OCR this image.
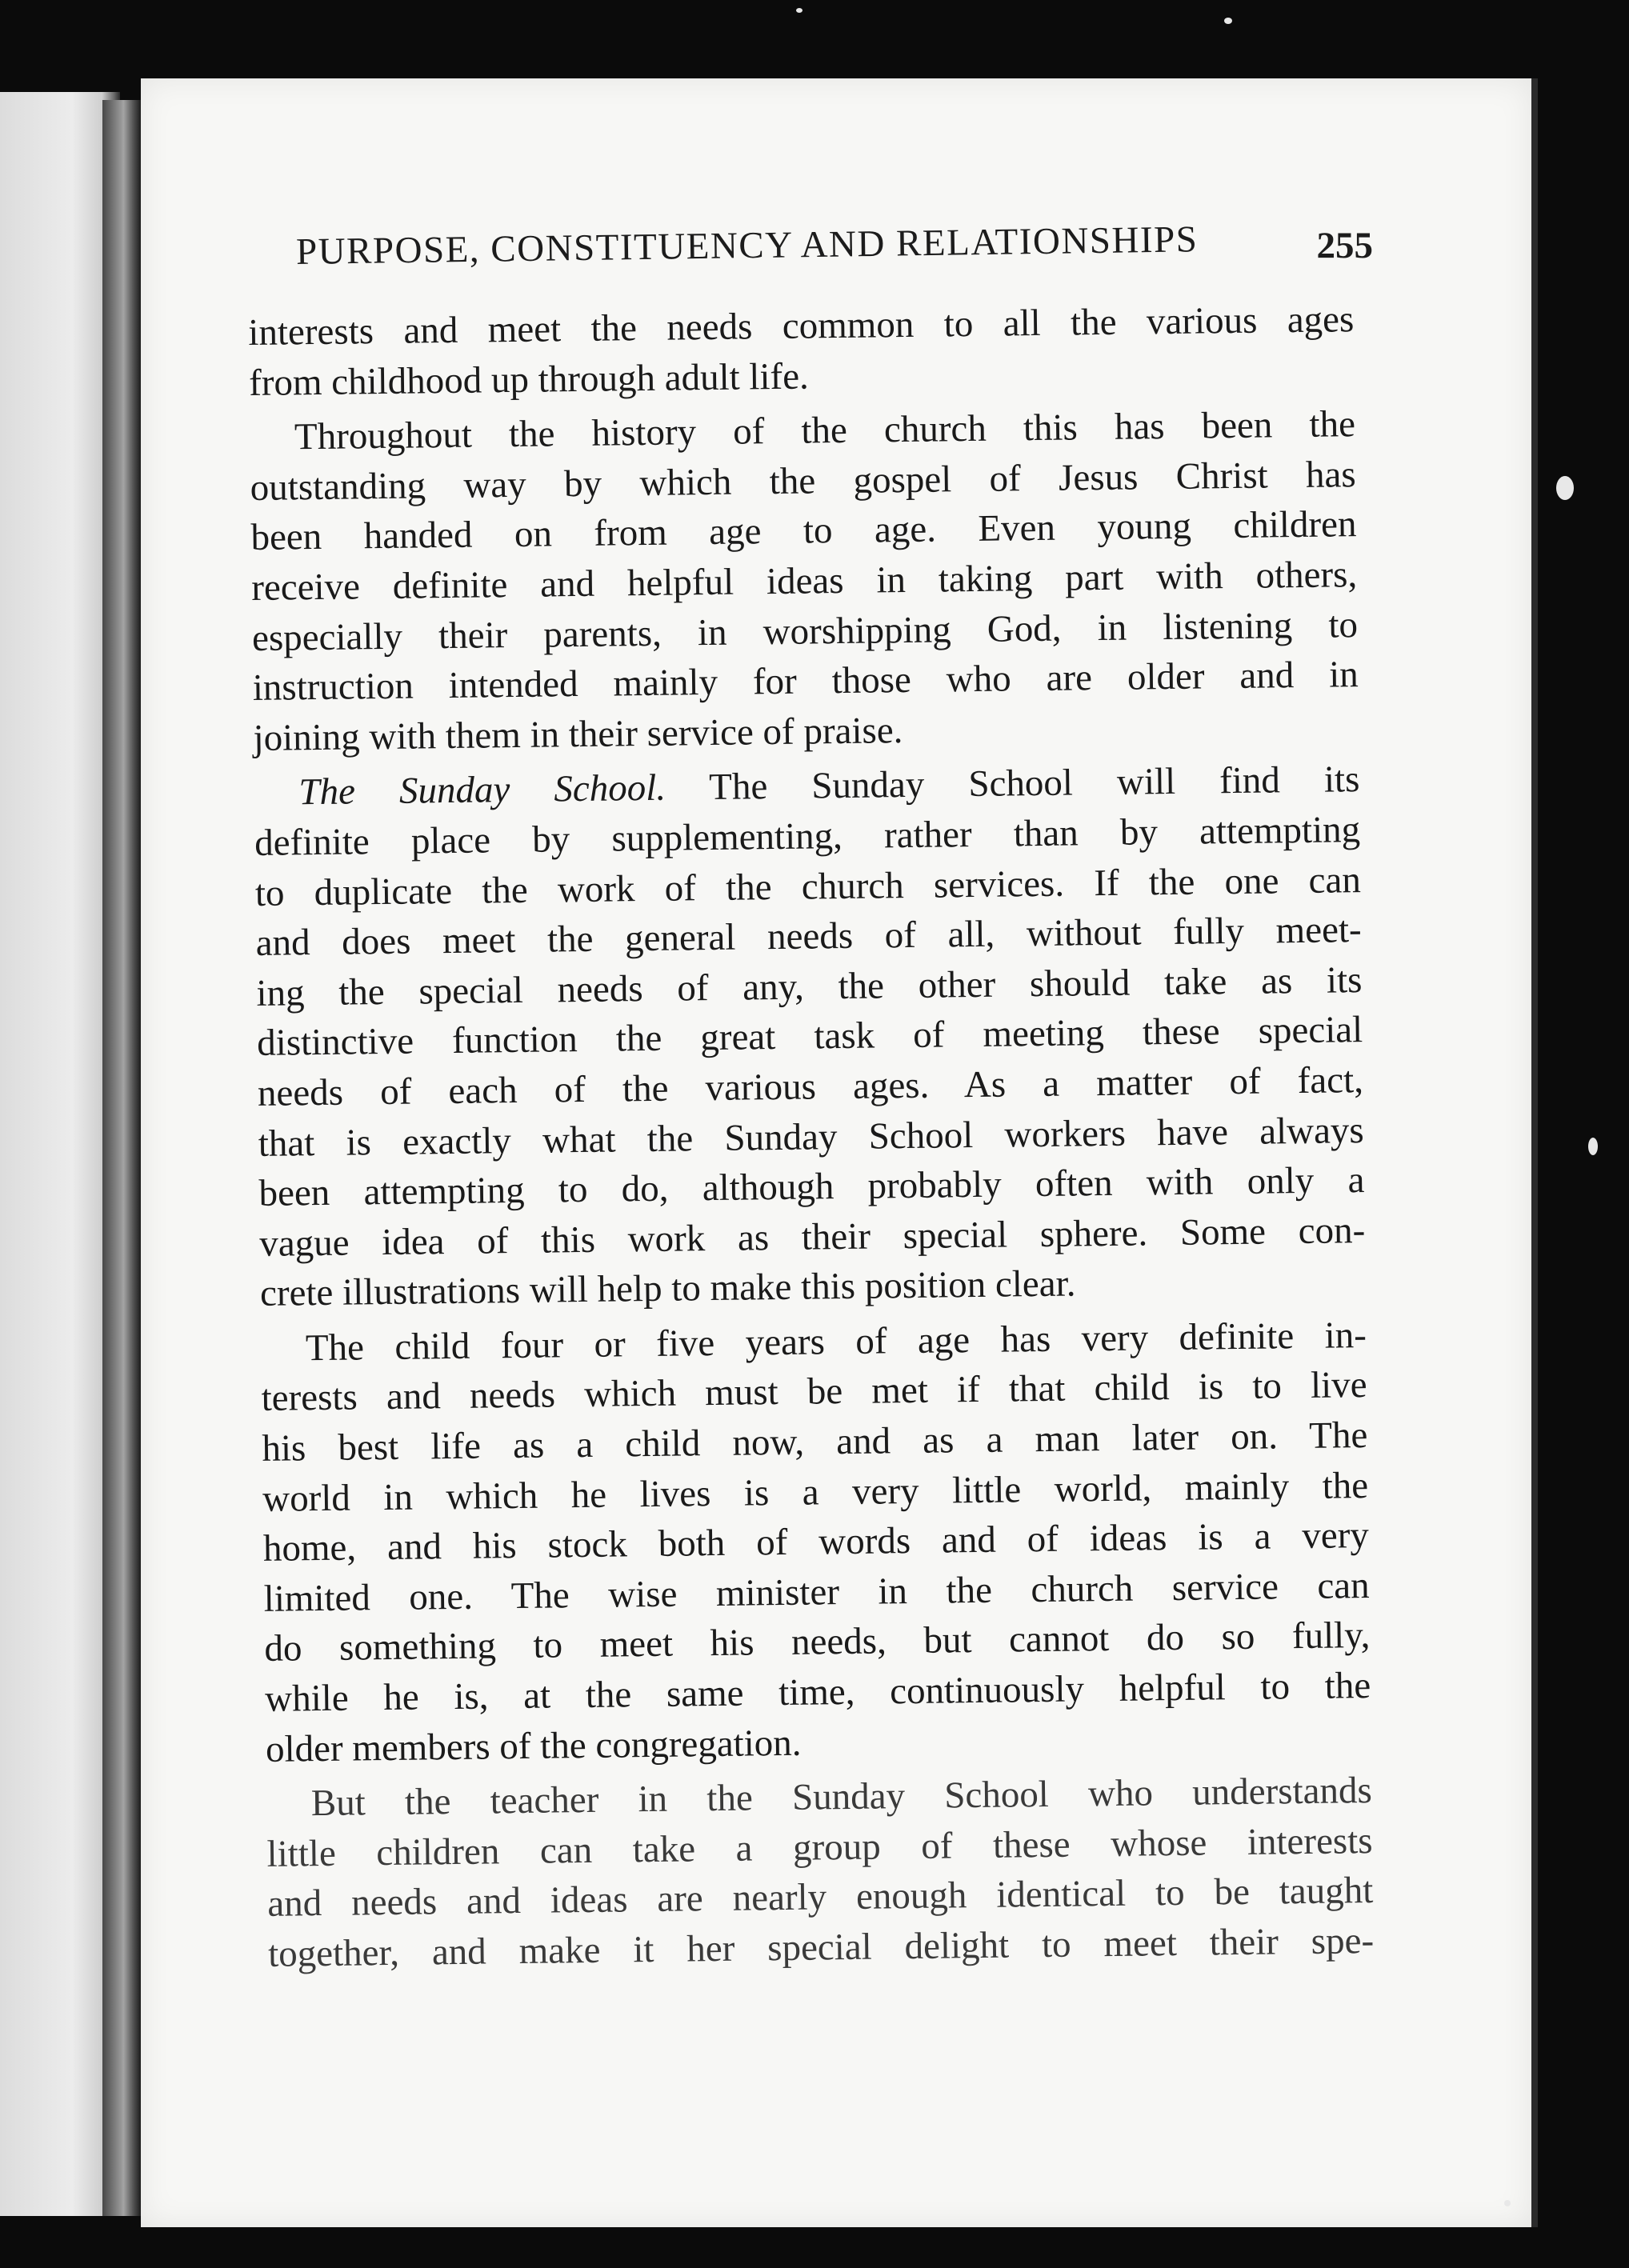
PURPOSE, CONSTITUENCY AND RELATIONSHIPS	255
interests and meet the needs common to all the various ages
from childhood up through adult life.
Throughout the history of the church this has been the
outstanding way by which the gospel of Jesus Christ has
been handed on from age to age. Even young children
receive definite and helpful ideas in taking part with others,
especially their parents, in worshipping God, in listening to
instruction intended mainly for those who are older and in
joining with them in their service of praise.
The Sunday School. The Sunday School will find its
definite place by supplementing, rather than by attempting
to duplicate the work of the church services. If the one can
and does meet the general needs of all, without fully meet-
ing the special needs of any, the other should take as its
distinctive function the great task of meeting these special
needs of each of the various ages. As a matter of fact,
that is exactly what the Sunday School workers have always
been attempting to do, although probably often with only a
vague idea of this work as their special sphere. Some con-
crete illustrations will help to make this position clear.
The child four or five years of age has very definite in-
terests and needs which must be met if that child is to live
his best life as a child now, and as a man later on. The
world in which he lives is a very little world, mainly the
home, and his stock both of words and of ideas is a very
limited one. The wise minister in the church service can
do something to meet his needs, but cannot do so fully,
while he is, at the same time, continuously helpful to the
older members of the congregation.
But the teacher in the Sunday School who understands
little children can take a group of these whose interests
and needs and ideas are nearly enough identical to be taught
together, and make it her special delight to meet their spe-
